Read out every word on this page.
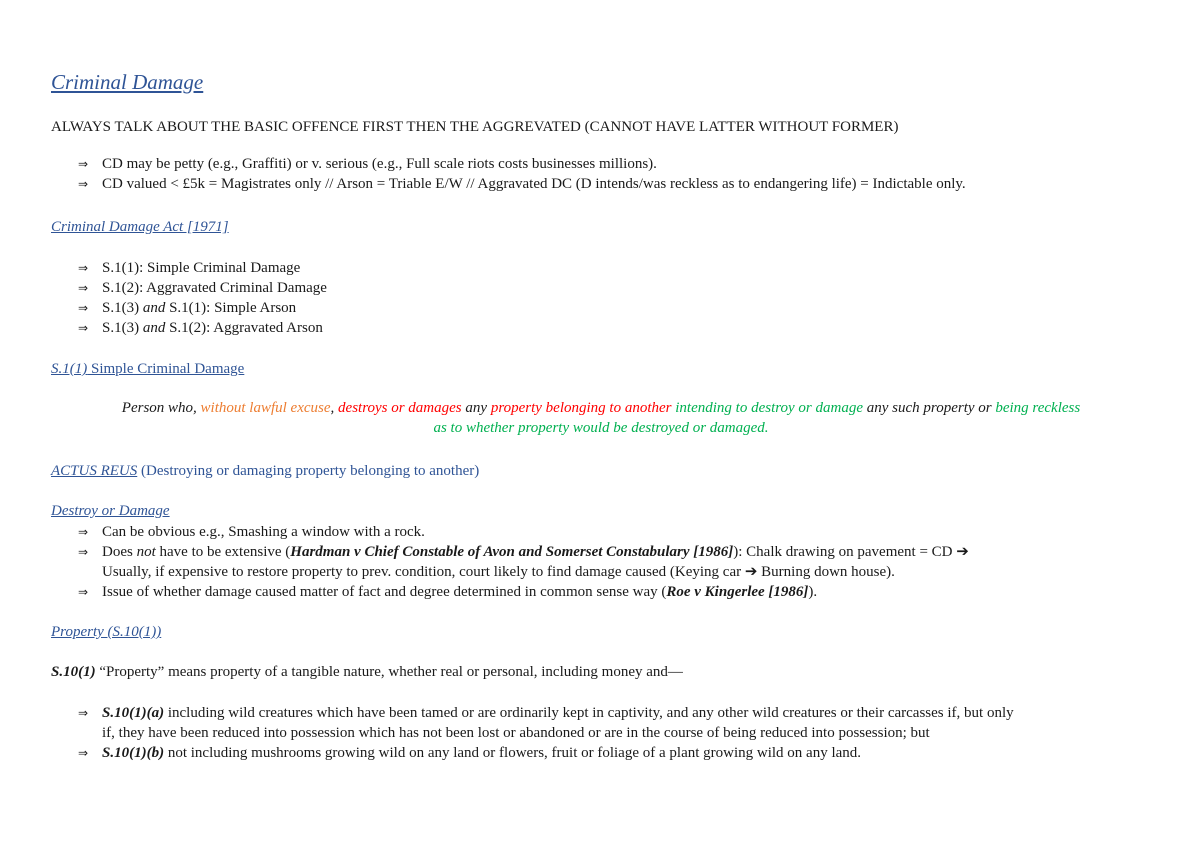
Criminal Damage
ALWAYS TALK ABOUT THE BASIC OFFENCE FIRST THEN THE AGGREVATED (CANNOT HAVE LATTER WITHOUT FORMER)
⇒ CD may be petty (e.g., Graffiti) or v. serious (e.g., Full scale riots costs businesses millions).
⇒ CD valued < £5k = Magistrates only // Arson = Triable E/W // Aggravated DC (D intends/was reckless as to endangering life) = Indictable only.
Criminal Damage Act [1971]
⇒ S.1(1): Simple Criminal Damage
⇒ S.1(2): Aggravated Criminal Damage
⇒ S.1(3) and S.1(1): Simple Arson
⇒ S.1(3) and S.1(2): Aggravated Arson
S.1(1) Simple Criminal Damage
Person who, without lawful excuse, destroys or damages any property belonging to another intending to destroy or damage any such property or being reckless
as to whether property would be destroyed or damaged.
ACTUS REUS (Destroying or damaging property belonging to another)
Destroy or Damage
⇒ Can be obvious e.g., Smashing a window with a rock.
⇒ Does not have to be extensive (Hardman v Chief Constable of Avon and Somerset Constabulary [1986]): Chalk drawing on pavement = CD ➔
Usually, if expensive to restore property to prev. condition, court likely to find damage caused (Keying car ➔ Burning down house).
⇒ Issue of whether damage caused matter of fact and degree determined in common sense way (Roe v Kingerlee [1986]).
Property (S.10(1))
S.10(1) “Property” means property of a tangible nature, whether real or personal, including money and—
⇒ S.10(1)(a) including wild creatures which have been tamed or are ordinarily kept in captivity, and any other wild creatures or their carcasses if, but only
if, they have been reduced into possession which has not been lost or abandoned or are in the course of being reduced into possession; but
⇒ S.10(1)(b) not including mushrooms growing wild on any land or flowers, fruit or foliage of a plant growing wild on any land.
